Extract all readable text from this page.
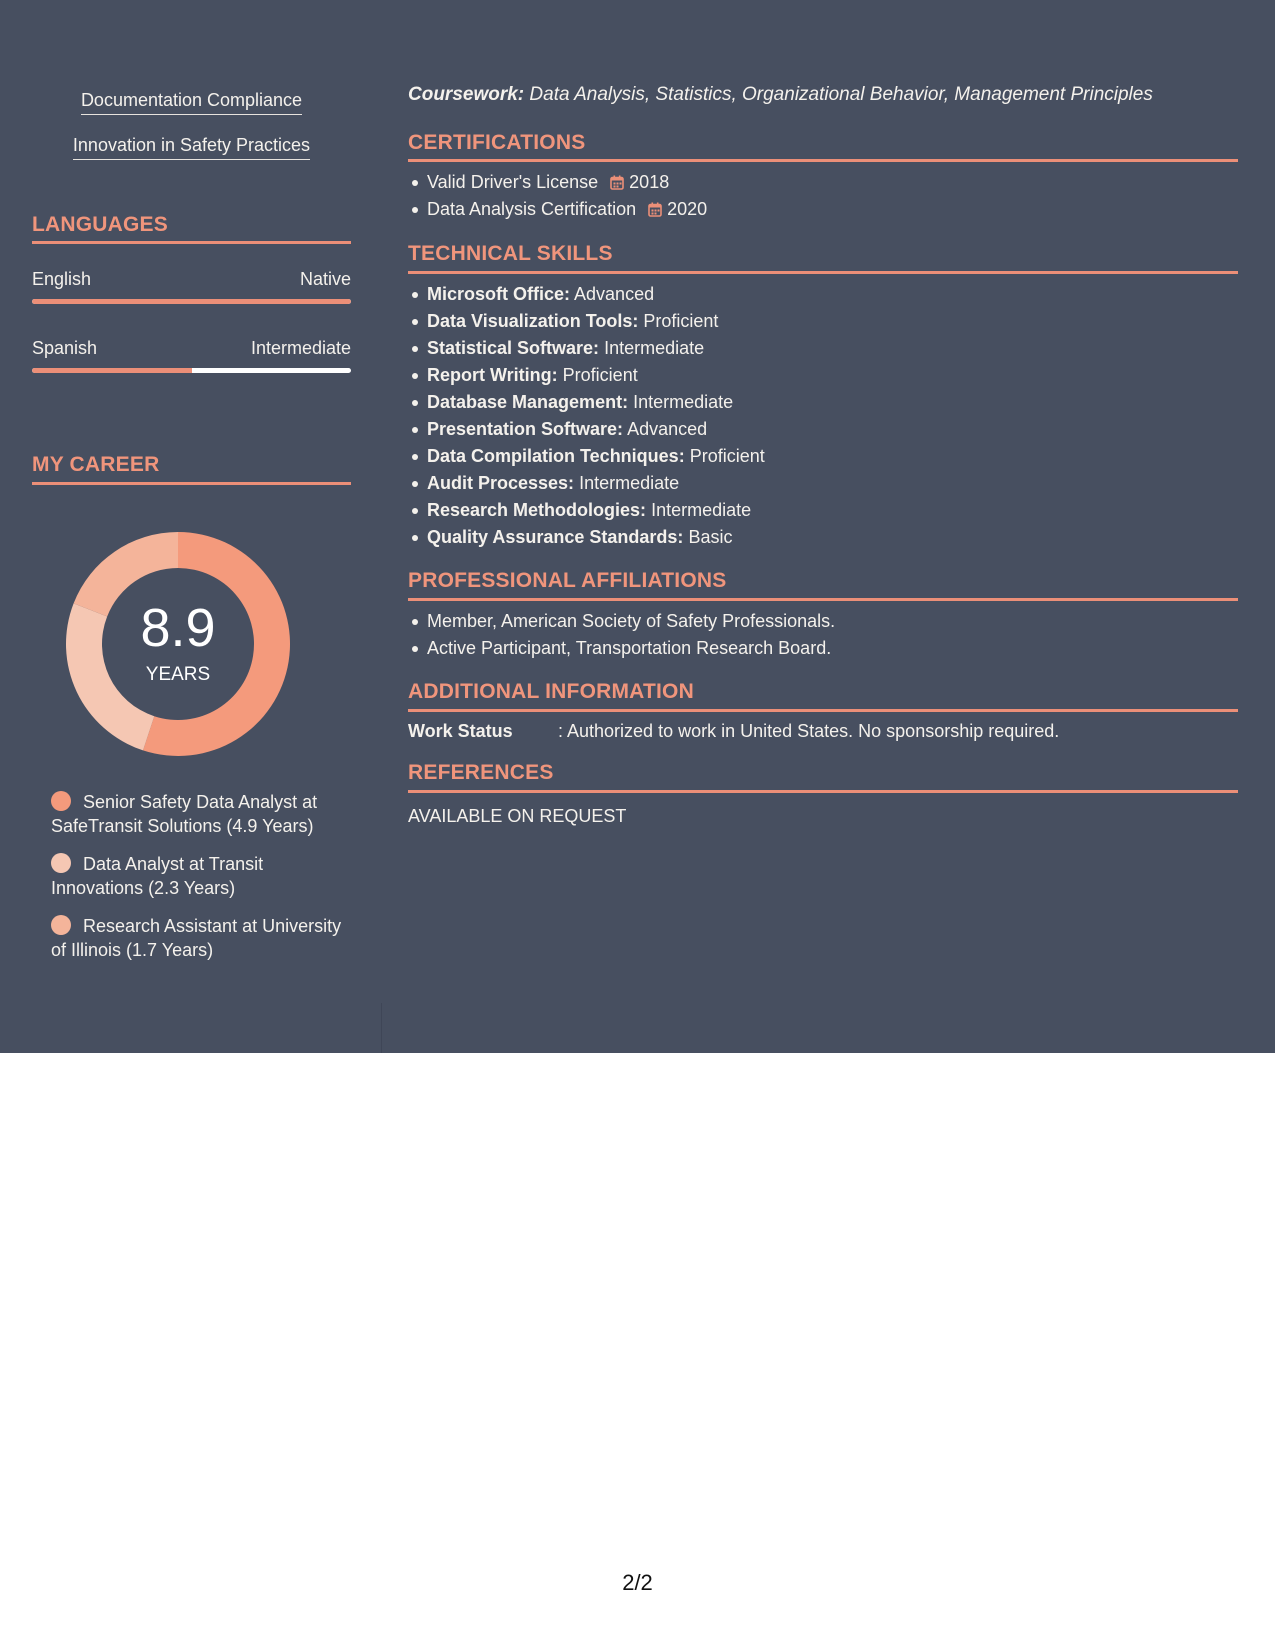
Documentation Compliance
Innovation in Safety Practices
LANGUAGES
English	Native
Spanish	Intermediate
MY CAREER
8.9
YEARS
Senior Safety Data Analyst at SafeTransit Solutions (4.9 Years)
Data Analyst at Transit Innovations (2.3 Years)
Research Assistant at University of Illinois (1.7 Years)
Coursework: Data Analysis, Statistics, Organizational Behavior, Management Principles
CERTIFICATIONS
Valid Driver's License 2018
Data Analysis Certification 2020
TECHNICAL SKILLS
Microsoft Office: Advanced
Data Visualization Tools: Proficient
Statistical Software: Intermediate
Report Writing: Proficient
Database Management: Intermediate
Presentation Software: Advanced
Data Compilation Techniques: Proficient
Audit Processes: Intermediate
Research Methodologies: Intermediate
Quality Assurance Standards: Basic
PROFESSIONAL AFFILIATIONS
Member, American Society of Safety Professionals.
Active Participant, Transportation Research Board.
ADDITIONAL INFORMATION
Work Status	: Authorized to work in United States. No sponsorship required.
REFERENCES
AVAILABLE ON REQUEST
2/2
